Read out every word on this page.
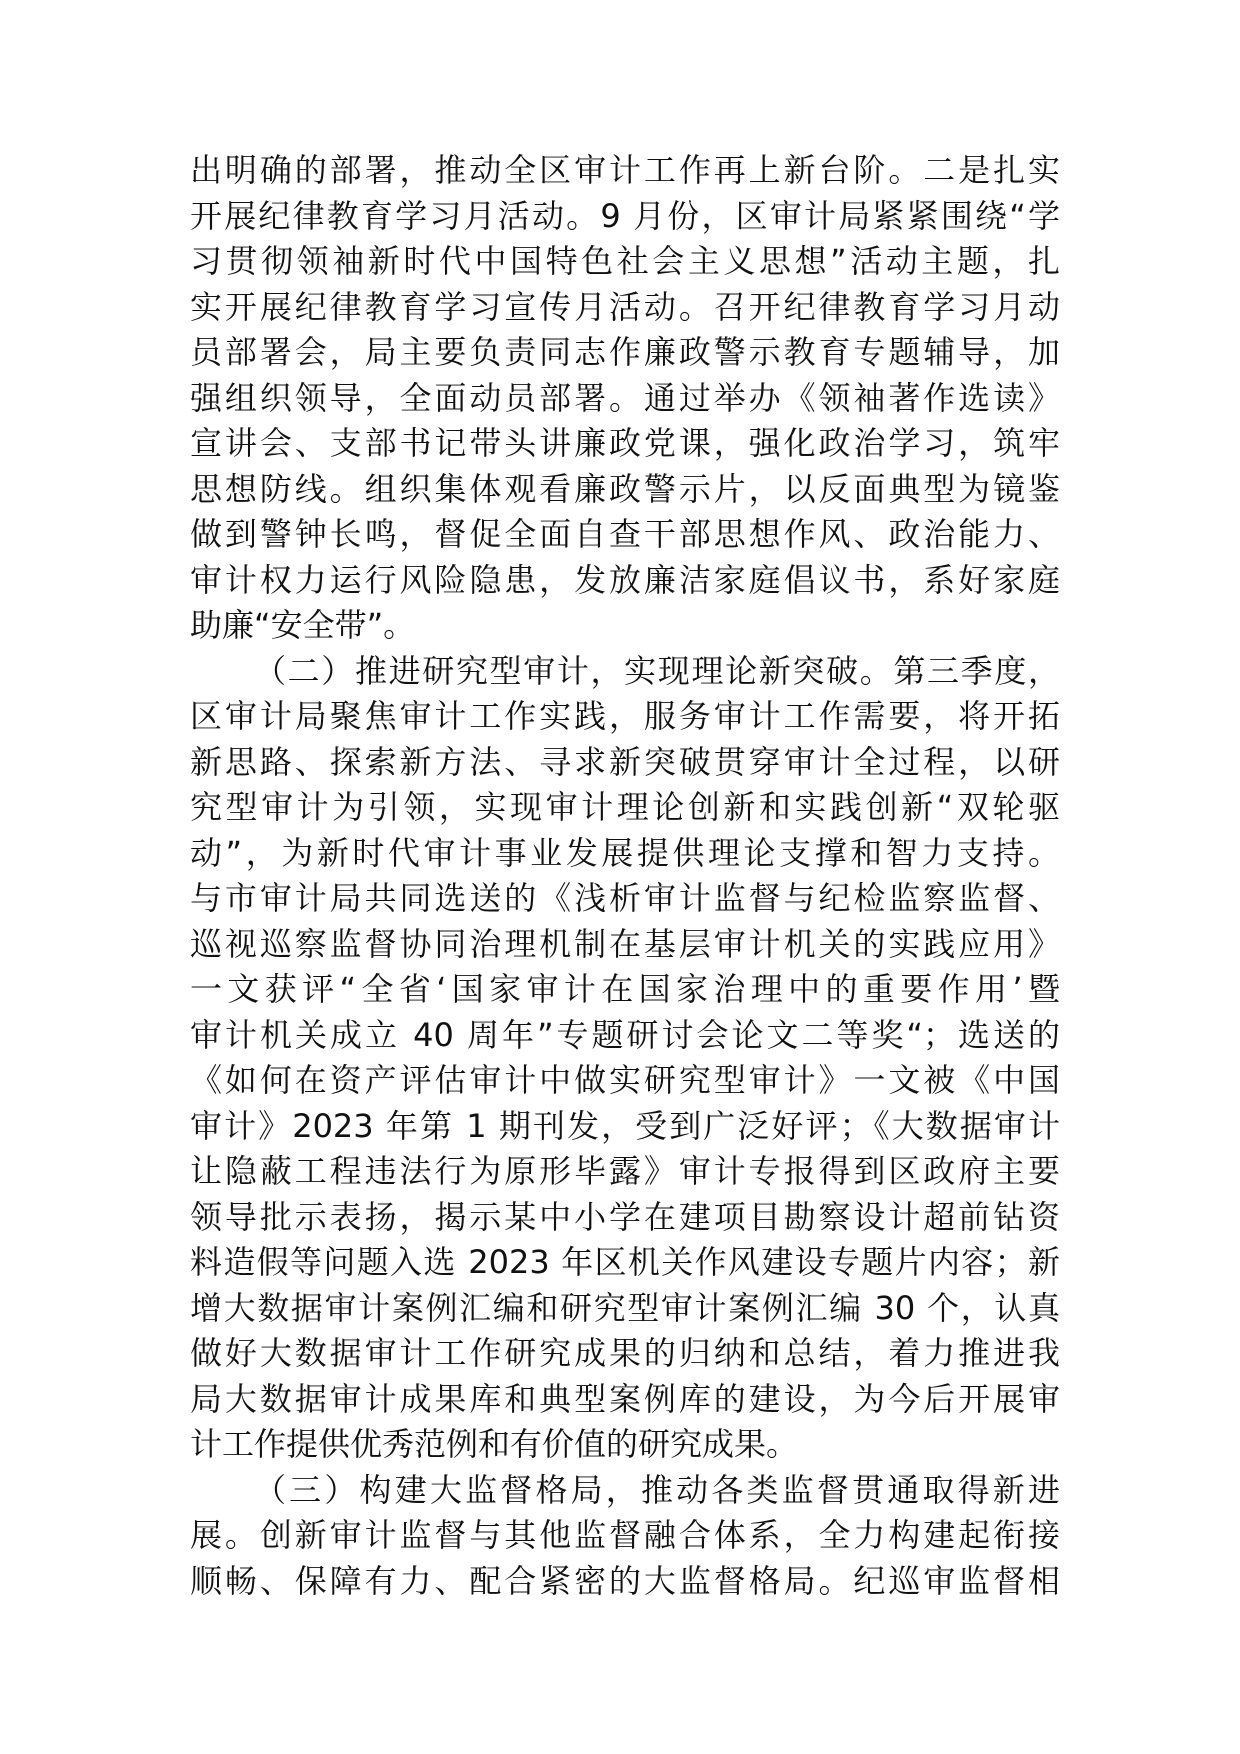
出明确的部署，推动全区审计工作再上新台阶。二是扎实
开展纪律教育学习月活动。9 月份，区审计局紧紧围绕“学
习贯彻领袖新时代中国特色社会主义思想”活动主题，扎
实开展纪律教育学习宣传月活动。召开纪律教育学习月动
员部署会，局主要负责同志作廉政警示教育专题辅导，加
强组织领导，全面动员部署。通过举办《领袖著作选读》
宣讲会、支部书记带头讲廉政党课，强化政治学习，筑牢
思想防线。组织集体观看廉政警示片，以反面典型为镜鉴
做到警钟长鸣，督促全面自查干部思想作风、政治能力、
审计权力运行风险隐患，发放廉洁家庭倡议书，系好家庭
助廉“安全带”。
（二）推进研究型审计，实现理论新突破。第三季度，
区审计局聚焦审计工作实践，服务审计工作需要，将开拓
新思路、探索新方法、寻求新突破贯穿审计全过程，以研
究型审计为引领，实现审计理论创新和实践创新“双轮驱
动”，为新时代审计事业发展提供理论支撑和智力支持。
与市审计局共同选送的《浅析审计监督与纪检监察监督、
巡视巡察监督协同治理机制在基层审计机关的实践应用》
一文获评“全省‘国家审计在国家治理中的重要作用’暨
审计机关成立 40 周年”专题研讨会论文二等奖“；选送的
《如何在资产评估审计中做实研究型审计》一文被《中国
审计》2023 年第 1 期刊发，受到广泛好评；《大数据审计
让隐蔽工程违法行为原形毕露》审计专报得到区政府主要
领导批示表扬，揭示某中小学在建项目勘察设计超前钻资
料造假等问题入选 2023 年区机关作风建设专题片内容；新
增大数据审计案例汇编和研究型审计案例汇编 30 个，认真
做好大数据审计工作研究成果的归纳和总结，着力推进我
局大数据审计成果库和典型案例库的建设，为今后开展审
计工作提供优秀范例和有价值的研究成果。
（三）构建大监督格局，推动各类监督贯通取得新进
展。创新审计监督与其他监督融合体系，全力构建起衔接
顺畅、保障有力、配合紧密的大监督格局。纪巡审监督相
